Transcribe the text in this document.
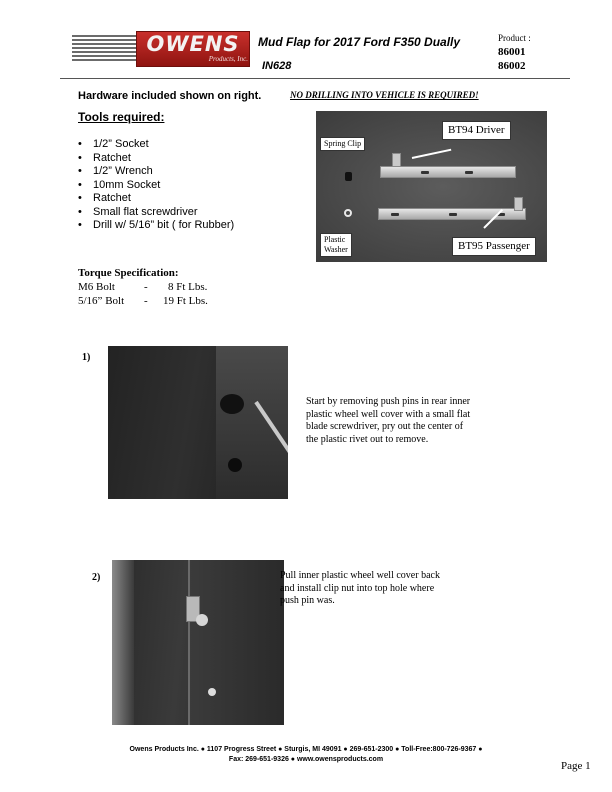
OWENS
Products, Inc.
Mud Flap for 2017 Ford F350 Dually
IN628
Product :
86001
86002
Hardware included shown on right.	NO DRILLING INTO VEHICLE IS REQUIRED!
Tools required:
• 1/2” Socket
• Ratchet
• 1/2” Wrench
• 10mm Socket
• Ratchet
• Small flat screwdriver
• Drill w/ 5/16” bit ( for Rubber)
Spring Clip
Plastic
Washer
BT94 Driver
BT95 Passenger
Torque Specification:
M6 Bolt	- 8 Ft Lbs.
5/16” Bolt - 19 Ft Lbs.
1)
Start by removing push pins in rear inner
plastic wheel well cover with a small flat
blade screwdriver, pry out the center of
the plastic rivet out to remove.
2)	Pull inner plastic wheel well cover back
and install clip nut into top hole where
push pin was.
Owens Products Inc. ● 1107 Progress Street ● Sturgis, MI 49091 ● 269-651-2300 ● Toll-Free:800-726-9367 ●
Fax: 269-651-9326 ● www.owensproducts.com
Page 1
